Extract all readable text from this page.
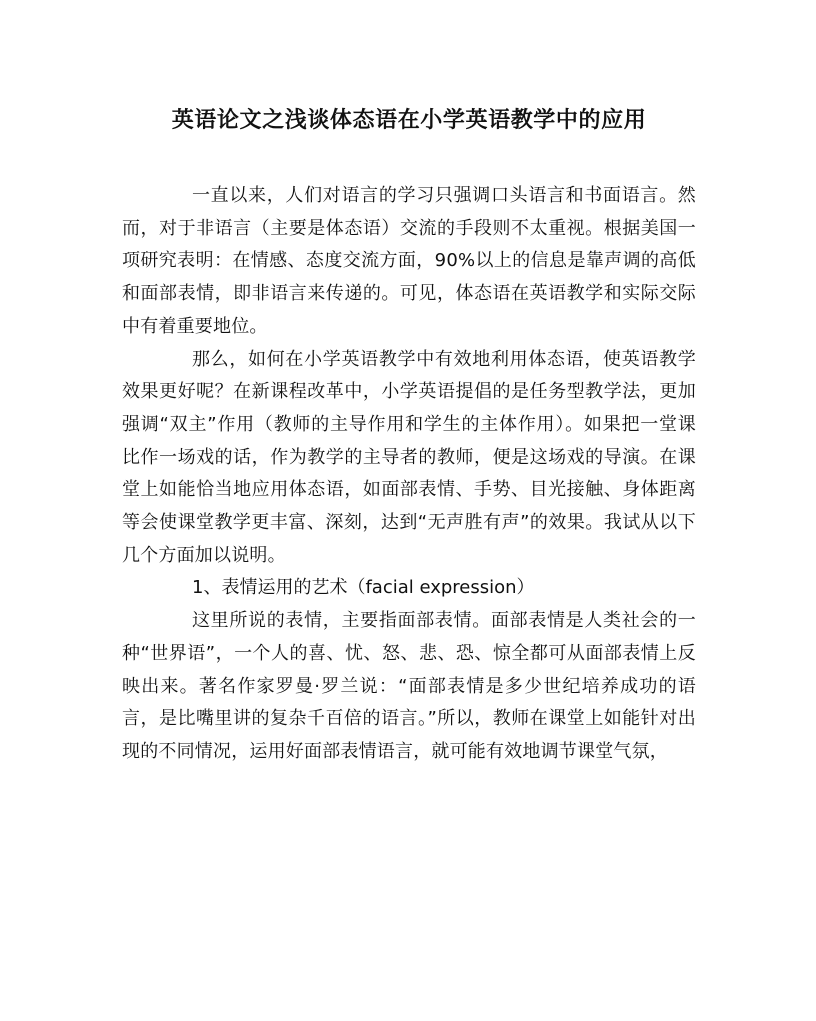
英语论文之浅谈体态语在小学英语教学中的应用

一直以来，人们对语言的学习只强调口头语言和书面语言。然而，对于非语言（主要是体态语）交流的手段则不太重视。根据美国一项研究表明：在情感、态度交流方面，90%以上的信息是靠声调的高低和面部表情，即非语言来传递的。可见，体态语在英语教学和实际交际中有着重要地位。

那么，如何在小学英语教学中有效地利用体态语，使英语教学效果更好呢？在新课程改革中，小学英语提倡的是任务型教学法，更加强调“双主”作用（教师的主导作用和学生的主体作用）。如果把一堂课比作一场戏的话，作为教学的主导者的教师，便是这场戏的导演。在课堂上如能恰当地应用体态语，如面部表情、手势、目光接触、身体距离等会使课堂教学更丰富、深刻，达到“无声胜有声”的效果。我试从以下几个方面加以说明。

1、表情运用的艺术（facial expression）

这里所说的表情，主要指面部表情。面部表情是人类社会的一种“世界语”，一个人的喜、忧、怒、悲、恐、惊全都可从面部表情上反映出来。著名作家罗曼·罗兰说：“面部表情是多少世纪培养成功的语言，是比嘴里讲的复杂千百倍的语言。”所以，教师在课堂上如能针对出现的不同情况，运用好面部表情语言，就可能有效地调节课堂气氛，
